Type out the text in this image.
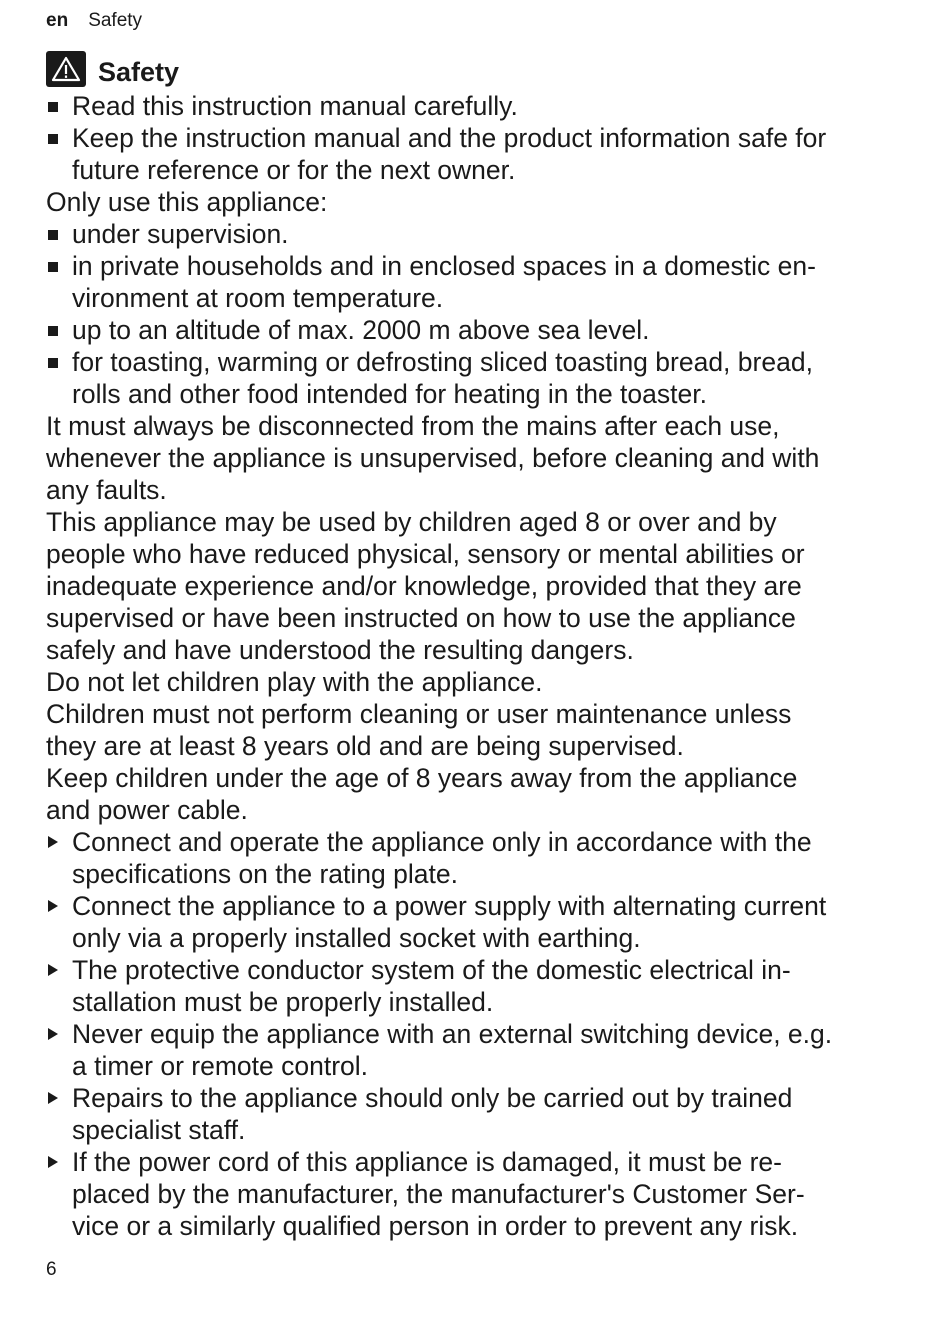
en Safety
Safety
Read this instruction manual carefully.
Keep the instruction manual and the product information safe for
future reference or for the next owner.
Only use this appliance:
under supervision.
in private households and in enclosed spaces in a domestic en-
vironment at room temperature.
up to an altitude of max. 2000 m above sea level.
for toasting, warming or defrosting sliced toasting bread, bread,
rolls and other food intended for heating in the toaster.
It must always be disconnected from the mains after each use,
whenever the appliance is unsupervised, before cleaning and with
any faults.
This appliance may be used by children aged 8 or over and by
people who have reduced physical, sensory or mental abilities or
inadequate experience and/or knowledge, provided that they are
supervised or have been instructed on how to use the appliance
safely and have understood the resulting dangers.
Do not let children play with the appliance.
Children must not perform cleaning or user maintenance unless
they are at least 8 years old and are being supervised.
Keep children under the age of 8 years away from the appliance
and power cable.
Connect and operate the appliance only in accordance with the
specifications on the rating plate.
Connect the appliance to a power supply with alternating current
only via a properly installed socket with earthing.
The protective conductor system of the domestic electrical in-
stallation must be properly installed.
Never equip the appliance with an external switching device, e.g.
a timer or remote control.
Repairs to the appliance should only be carried out by trained
specialist staff.
If the power cord of this appliance is damaged, it must be re-
placed by the manufacturer, the manufacturer's Customer Ser-
vice or a similarly qualified person in order to prevent any risk.
6
